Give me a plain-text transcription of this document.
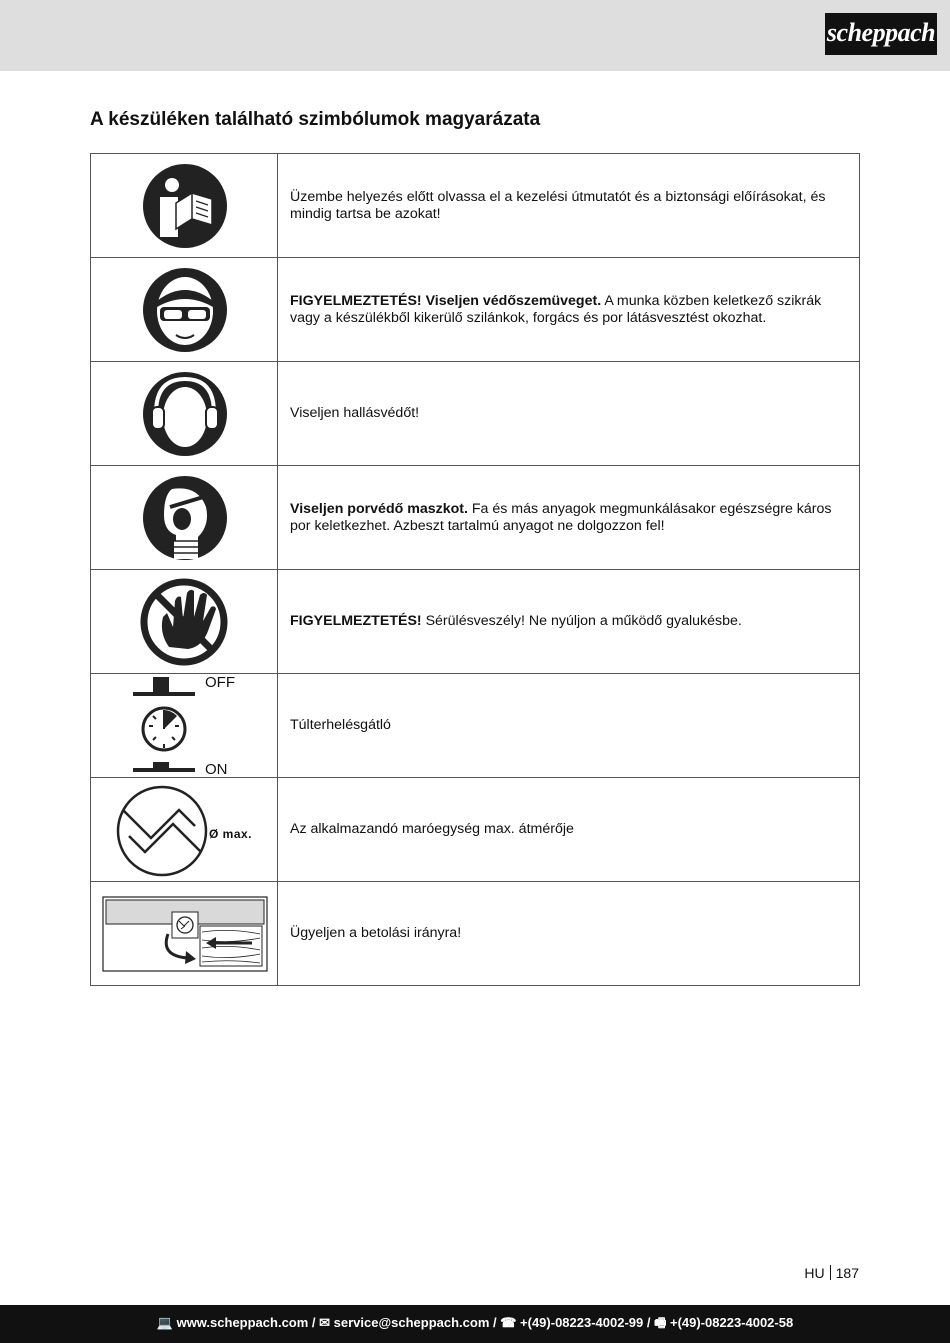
scheppach
A készüléken található szimbólumok magyarázata
	Üzembe helyezés előtt olvassa el a kezelési útmutatót és a biztonsági előírásokat, és mindig tartsa be azokat!

	FIGYELMEZTETÉS! Viseljen védőszemüveget. A munka közben keletkező szikrák vagy a készülékből kikerülő szilánkok, forgács és por látásvesztést okozhat.

	Viseljen hallásvédőt!

	Viseljen porvédő maszkot. Fa és más anyagok megmunkálásakor egészségre káros por keletkezhet. Azbeszt tartalmú anyagot ne dolgozzon fel!

	FIGYELMEZTETÉS! Sérülésveszély! Ne nyúljon a működő gyalukésbe.

OFF
ON	Túlterhelésgátló

Ø max.	Az alkalmazandó maróegység max. átmérője

	Ügyeljen a betolási irányra!
HU 187
💻 www.scheppach.com / ✉ service@scheppach.com / ☎ +(49)-08223-4002-99 / 🖷 +(49)-08223-4002-58
